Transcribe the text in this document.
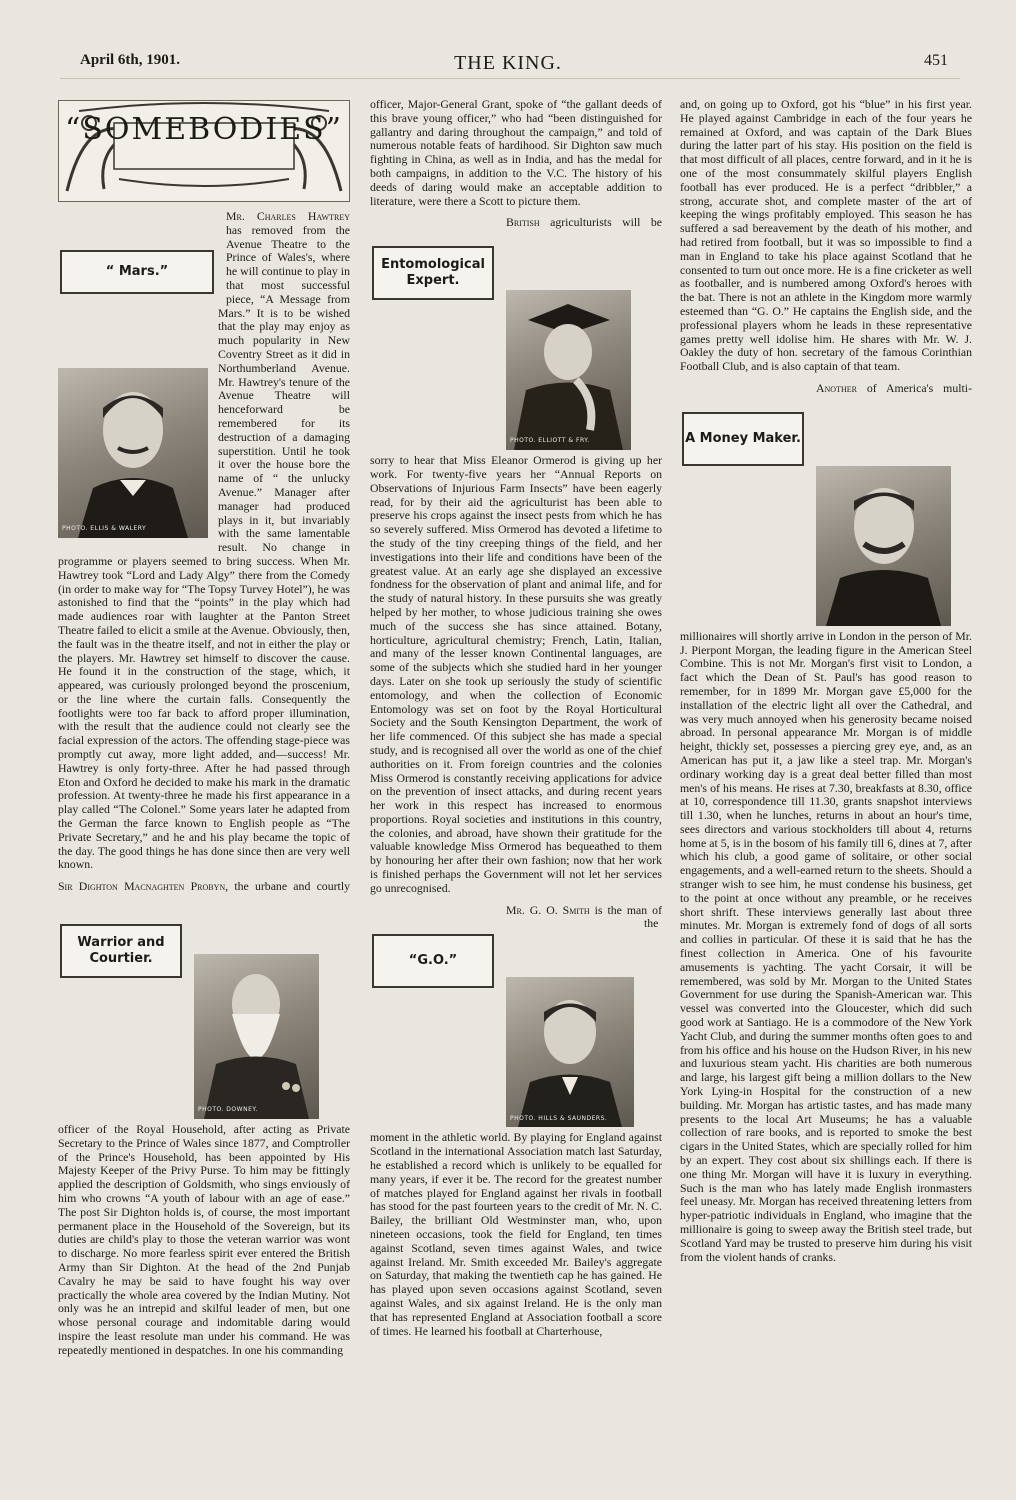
April 6th, 1901.	THE KING.	451
“SOMEBODIES”

Mr. Charles Hawtrey
“ Mars.”
PHOTO. ELLIS & WALERY
has removed from the Avenue Theatre to the Prince of Wales's, where he will continue to play in that most successful piece, “A Message from Mars.” It is to be wished that the play may enjoy as much popularity in New Coventry Street as it did in Northumberland Avenue. Mr. Hawtrey's tenure of the Avenue Theatre will henceforward be remembered for its destruction of a damaging superstition. Until he took it over the house bore the name of “ the unlucky Avenue.” Manager after manager had produced plays in it, but invariably with the same lamentable result. No change in programme or players seemed to bring success. When Mr. Hawtrey took “Lord and Lady Algy” there from the Comedy (in order to make way for “The Topsy Turvey Hotel”), he was astonished to find that the “points” in the play which had made audiences roar with laughter at the Panton Street Theatre failed to elicit a smile at the Avenue. Obviously, then, the fault was in the theatre itself, and not in either the play or the players. Mr. Hawtrey set himself to discover the cause. He found it in the construction of the stage, which, it appeared, was curiously prolonged beyond the proscenium, or the line where the curtain falls. Consequently the footlights were too far back to afford proper illumination, with the result that the audience could not clearly see the facial expression of the actors. The offending stage-piece was promptly cut away, more light added, and—success! Mr. Hawtrey is only forty-three. After he had passed through Eton and Oxford he decided to make his mark in the dramatic profession. At twenty-three he made his first appearance in a play called “The Colonel.” Some years later he adapted from the German the farce known to English people as “The Private Secretary,” and he and his play became the topic of the day. The good things he has done since then are very well known.

Sir Dighton Macnaghten Probyn,
Warrior and Courtier.
PHOTO. DOWNEY.
the urbane and courtly officer of the Royal Household, after acting as Private Secretary to the Prince of Wales since 1877, and Comptroller of the Prince's Household, has been appointed by His Majesty Keeper of the Privy Purse. To him may be fittingly applied the description of Goldsmith, who sings enviously of him who crowns “A youth of labour with an age of ease.” The post Sir Dighton holds is, of course, the most important permanent place in the Household of the Sovereign, but its duties are child's play to those the veteran warrior was wont to discharge. No more fearless spirit ever entered the British Army than Sir Dighton. At the head of the 2nd Punjab Cavalry he may be said to have fought his way over practically the whole area covered by the Indian Mutiny. Not only was he an intrepid and skilful leader of men, but one whose personal courage and indomitable daring would inspire the least resolute man under his command. He was repeatedly mentioned in despatches. In one his commanding

officer, Major-General Grant, spoke of “the gallant deeds of this brave young officer,” who had “been distinguished for gallantry and daring throughout the campaign,” and told of numerous notable feats of hardihood. Sir Dighton saw much fighting in China, as well as in India, and has the medal for both campaigns, in addition to the V.C. The history of his deeds of daring would make an acceptable addition to literature, were there a Scott to picture them.

British
Entomological Expert.
PHOTO. ELLIOTT & FRY.
agriculturists will be sorry to hear that Miss Eleanor Ormerod is giving up her work. For twenty-five years her “Annual Reports on Observations of Injurious Farm Insects” have been eagerly read, for by their aid the agriculturist has been able to preserve his crops against the insect pests from which he has so severely suffered. Miss Ormerod has devoted a lifetime to the study of the tiny creeping things of the field, and her investigations into their life and conditions have been of the greatest value. At an early age she displayed an excessive fondness for the observation of plant and animal life, and for the study of natural history. In these pursuits she was greatly helped by her mother, to whose judicious training she owes much of the success she has since attained. Botany, horticulture, agricultural chemistry; French, Latin, Italian, and many of the lesser known Continental languages, are some of the subjects which she studied hard in her younger days. Later on she took up seriously the study of scientific entomology, and when the collection of Economic Entomology was set on foot by the Royal Horticultural Society and the South Kensington Department, the work of her life commenced. Of this subject she has made a special study, and is recognised all over the world as one of the chief authorities on it. From foreign countries and the colonies Miss Ormerod is constantly receiving applications for advice on the prevention of insect attacks, and during recent years her work in this respect has increased to enormous proportions. Royal societies and institutions in this country, the colonies, and abroad, have shown their gratitude for the valuable knowledge Miss Ormerod has bequeathed to them by honouring her after their own fashion; now that her work is finished perhaps the Government will not let her services go unrecognised.

Mr. G. O. Smith
“G.O.”
PHOTO. HILLS & SAUNDERS.
is the man of the moment in the athletic world. By playing for England against Scotland in the international Association match last Saturday, he established a record which is unlikely to be equalled for many years, if ever it be. The record for the greatest number of matches played for England against her rivals in football has stood for the past fourteen years to the credit of Mr. N. C. Bailey, the brilliant Old Westminster man, who, upon nineteen occasions, took the field for England, ten times against Scotland, seven times against Wales, and twice against Ireland. Mr. Smith exceeded Mr. Bailey's aggregate on Saturday, that making the twentieth cap he has gained. He has played upon seven occasions against Scotland, seven against Wales, and six against Ireland. He is the only man that has represented England at Association football a score of times. He learned his football at Charterhouse,

and, on going up to Oxford, got his “blue” in his first year. He played against Cambridge in each of the four years he remained at Oxford, and was captain of the Dark Blues during the latter part of his stay. His position on the field is that most difficult of all places, centre forward, and in it he is one of the most consummately skilful players English football has ever produced. He is a perfect “dribbler,” a strong, accurate shot, and complete master of the art of keeping the wings profitably employed. This season he has suffered a sad bereavement by the death of his mother, and had retired from football, but it was so impossible to find a man in England to take his place against Scotland that he consented to turn out once more. He is a fine cricketer as well as footballer, and is numbered among Oxford's heroes with the bat. There is not an athlete in the Kingdom more warmly esteemed than “G. O.” He captains the English side, and the professional players whom he leads in these representative games pretty well idolise him. He shares with Mr. W. J. Oakley the duty of hon. secretary of the famous Corinthian Football Club, and is also captain of that team.

Another
A Money Maker.
of America's multi-millionaires will shortly arrive in London in the person of Mr. J. Pierpont Morgan, the leading figure in the American Steel Combine. This is not Mr. Morgan's first visit to London, a fact which the Dean of St. Paul's has good reason to remember, for in 1899 Mr. Morgan gave £5,000 for the installation of the electric light all over the Cathedral, and was very much annoyed when his generosity became noised abroad. In personal appearance Mr. Morgan is of middle height, thickly set, possesses a piercing grey eye, and, as an American has put it, a jaw like a steel trap. Mr. Morgan's ordinary working day is a great deal better filled than most men's of his means. He rises at 7.30, breakfasts at 8.30, office at 10, correspondence till 11.30, grants snapshot interviews till 1.30, when he lunches, returns in about an hour's time, sees directors and various stockholders till about 4, returns home at 5, is in the bosom of his family till 6, dines at 7, after which his club, a good game of solitaire, or other social engagements, and a well-earned return to the sheets. Should a stranger wish to see him, he must condense his business, get to the point at once without any preamble, or he receives short shrift. These interviews generally last about three minutes. Mr. Morgan is extremely fond of dogs of all sorts and collies in particular. Of these it is said that he has the finest collection in America. One of his favourite amusements is yachting. The yacht Corsair, it will be remembered, was sold by Mr. Morgan to the United States Government for use during the Spanish-American war. This vessel was converted into the Gloucester, which did such good work at Santiago. He is a commodore of the New York Yacht Club, and during the summer months often goes to and from his office and his house on the Hudson River, in his new and luxurious steam yacht. His charities are both numerous and large, his largest gift being a million dollars to the New York Lying-in Hospital for the construction of a new building. Mr. Morgan has artistic tastes, and has made many presents to the local Art Museums; he has a valuable collection of rare books, and is reported to smoke the best cigars in the United States, which are specially rolled for him by an expert. They cost about six shillings each. If there is one thing Mr. Morgan will have it is luxury in everything. Such is the man who has lately made English ironmasters feel uneasy. Mr. Morgan has received threatening letters from hyper-patriotic individuals in England, who imagine that the millionaire is going to sweep away the British steel trade, but Scotland Yard may be trusted to preserve him during his visit from the violent hands of cranks.
